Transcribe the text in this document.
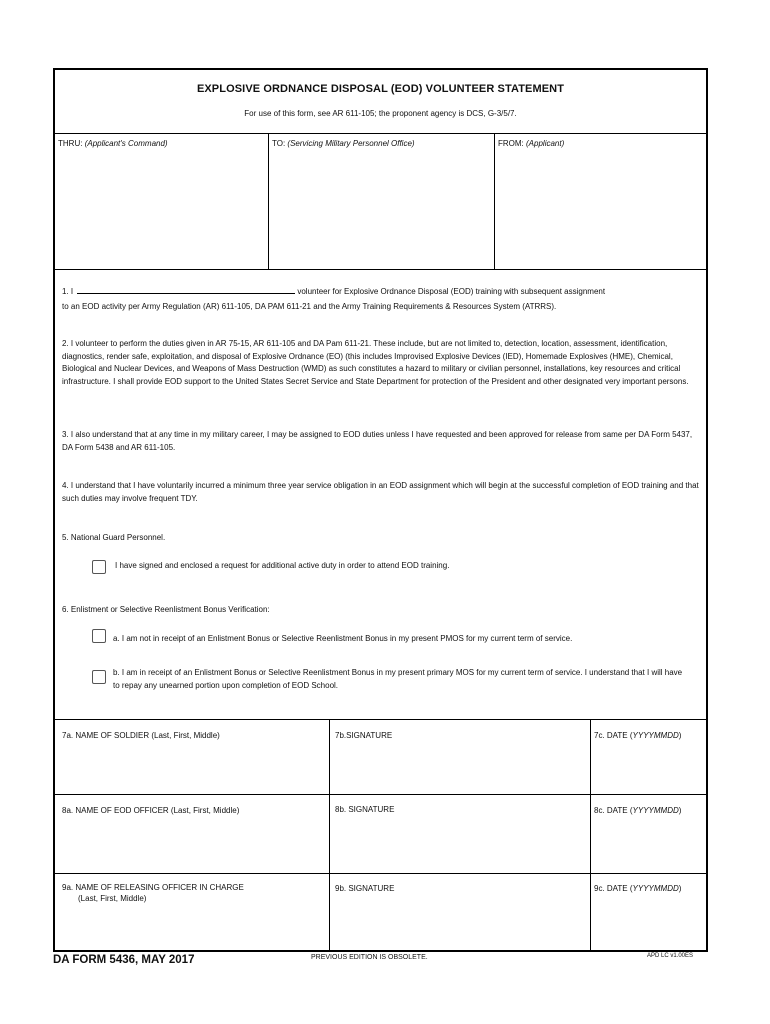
EXPLOSIVE ORDNANCE DISPOSAL (EOD) VOLUNTEER STATEMENT
For use of this form, see AR 611-105; the proponent agency is DCS, G-3/5/7.
THRU: (Applicant's Command)	TO: (Servicing Military Personnel Office)	FROM: (Applicant)
1. I	volunteer for Explosive Ordnance Disposal (EOD) training with subsequent assignment
to an EOD activity per Army Regulation (AR) 611-105, DA PAM 611-21 and the Army Training Requirements & Resources System (ATRRS).
2. I volunteer to perform the duties given in AR 75-15, AR 611-105 and DA Pam 611-21. These include, but are not limited to, detection, location, assessment, identification, diagnostics, render safe, exploitation, and disposal of Explosive Ordnance (EO) (this includes Improvised Explosive Devices (IED), Homemade Explosives (HME), Chemical, Biological and Nuclear Devices, and Weapons of Mass Destruction (WMD) as such constitutes a hazard to military or civilian personnel, installations, key resources and critical infrastructure. I shall provide EOD support to the United States Secret Service and State Department for protection of the President and other designated very important persons.
3. I also understand that at any time in my military career, I may be assigned to EOD duties unless I have requested and been approved for release from same per DA Form 5437, DA Form 5438 and AR 611-105.
4. I understand that I have voluntarily incurred a minimum three year service obligation in an EOD assignment which will begin at the successful completion of EOD training and that such duties may involve frequent TDY.
5. National Guard Personnel.
I have signed and enclosed a request for additional active duty in order to attend EOD training.
6. Enlistment or Selective Reenlistment Bonus Verification:
a. I am not in receipt of an Enlistment Bonus or Selective Reenlistment Bonus in my present PMOS for my current term of service.
b. I am in receipt of an Enlistment Bonus or Selective Reenlistment Bonus in my present primary MOS for my current term of service. I understand that I will have to repay any unearned portion upon completion of EOD School.
7a. NAME OF SOLDIER (Last, First, Middle)	7b.SIGNATURE	7c. DATE (YYYYMMDD)
8a. NAME OF EOD OFFICER (Last, First, Middle)	8b. SIGNATURE	8c. DATE (YYYYMMDD)
9a. NAME OF RELEASING OFFICER IN CHARGE
(Last, First, Middle)
9b. SIGNATURE	9c. DATE (YYYYMMDD)
DA FORM 5436, MAY 2017	PREVIOUS EDITION IS OBSOLETE.	APD LC v1.00ES
